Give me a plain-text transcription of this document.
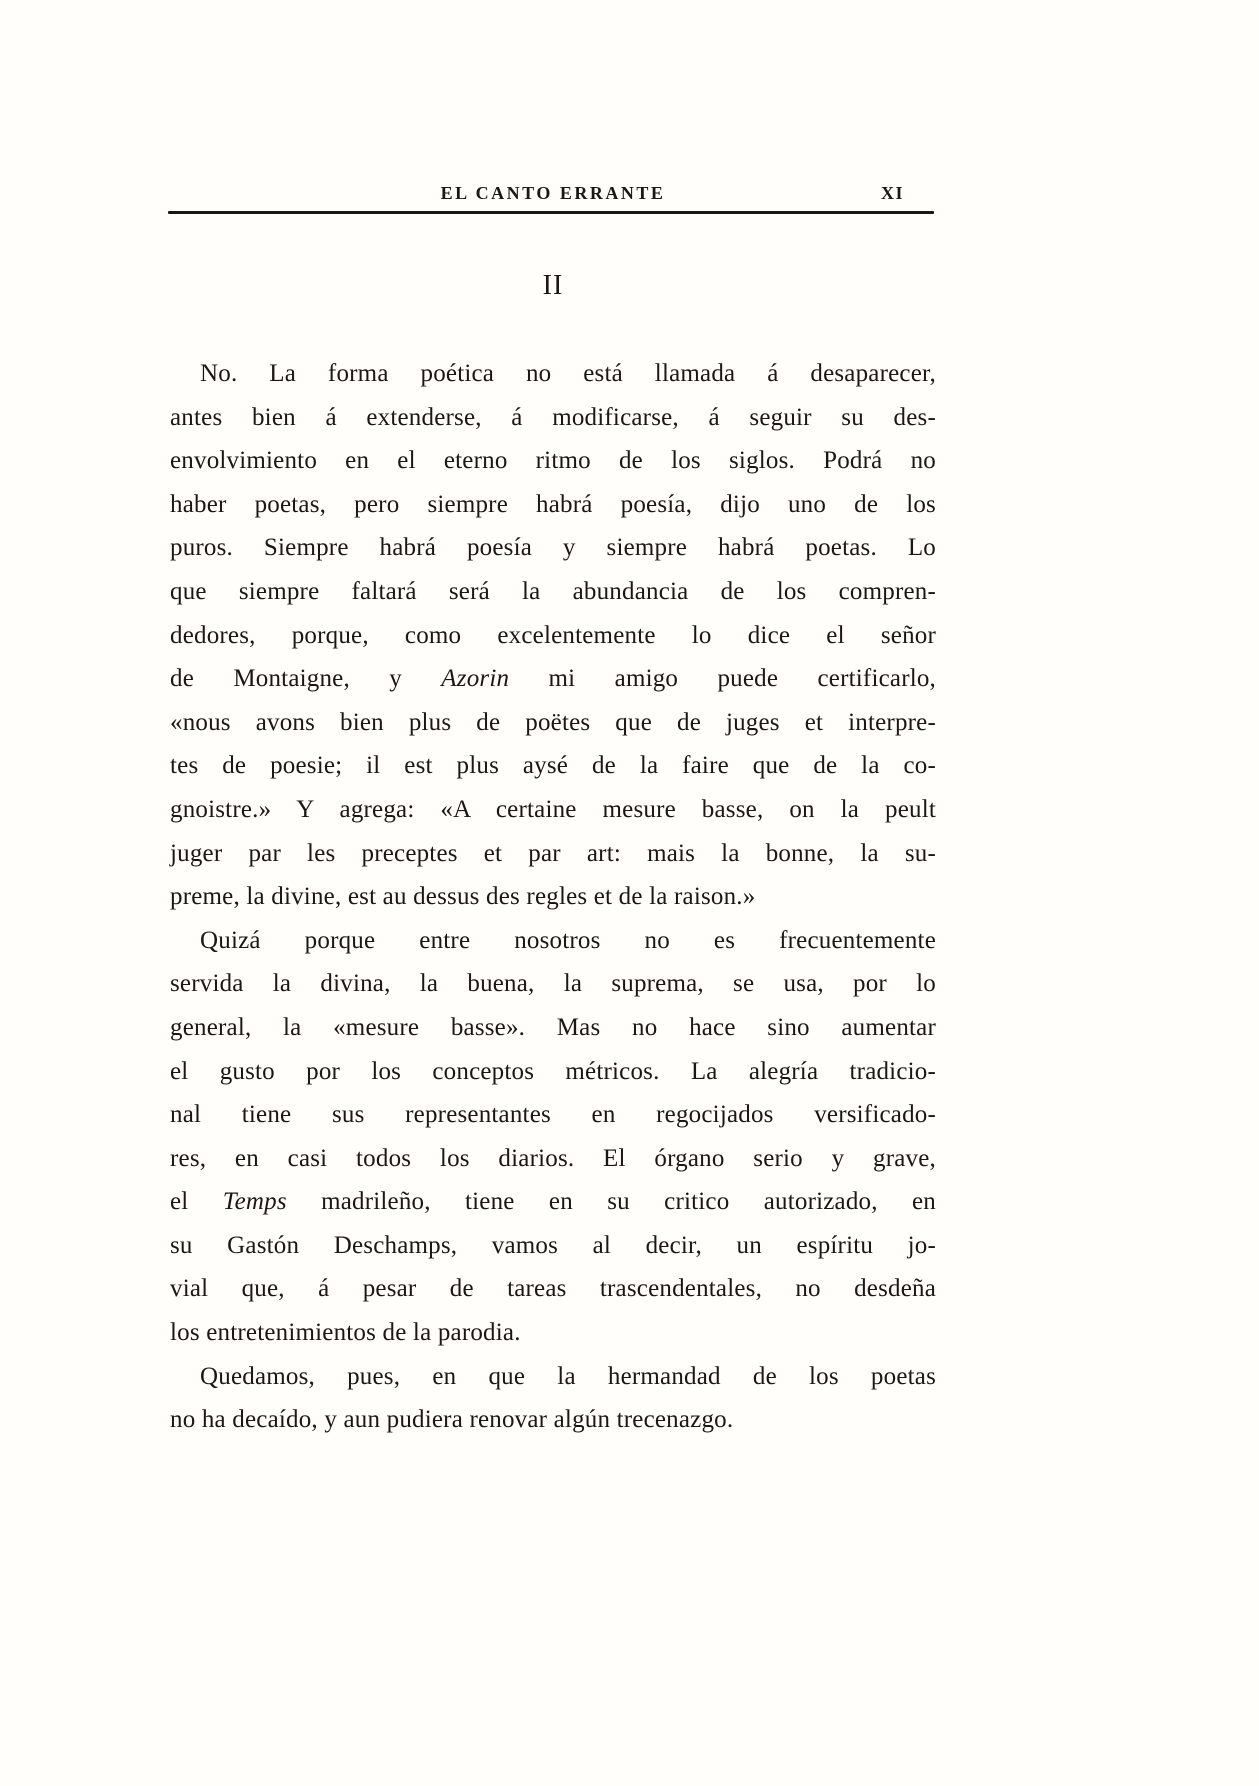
EL CANTO ERRANTE	XI
II
No. La forma poética no está llamada á desaparecer,
antes bien á extenderse, á modificarse, á seguir su des-
envolvimiento en el eterno ritmo de los siglos. Podrá no
haber poetas, pero siempre habrá poesía, dijo uno de los
puros. Siempre habrá poesía y siempre habrá poetas. Lo
que siempre faltará será la abundancia de los compren-
dedores, porque, como excelentemente lo dice el señor
de Montaigne, y Azorin mi amigo puede certificarlo,
«nous avons bien plus de poëtes que de juges et interpre-
tes de poesie; il est plus aysé de la faire que de la co-
gnoistre.» Y agrega: «A certaine mesure basse, on la peult
juger par les preceptes et par art: mais la bonne, la su-
preme, la divine, est au dessus des regles et de la raison.»
Quizá porque entre nosotros no es frecuentemente
servida la divina, la buena, la suprema, se usa, por lo
general, la «mesure basse». Mas no hace sino aumentar
el gusto por los conceptos métricos. La alegría tradicio-
nal tiene sus representantes en regocijados versificado-
res, en casi todos los diarios. El órgano serio y grave,
el Temps madrileño, tiene en su critico autorizado, en
su Gastón Deschamps, vamos al decir, un espíritu jo-
vial que, á pesar de tareas trascendentales, no desdeña
los entretenimientos de la parodia.
Quedamos, pues, en que la hermandad de los poetas
no ha decaído, y aun pudiera renovar algún trecenazgo.
